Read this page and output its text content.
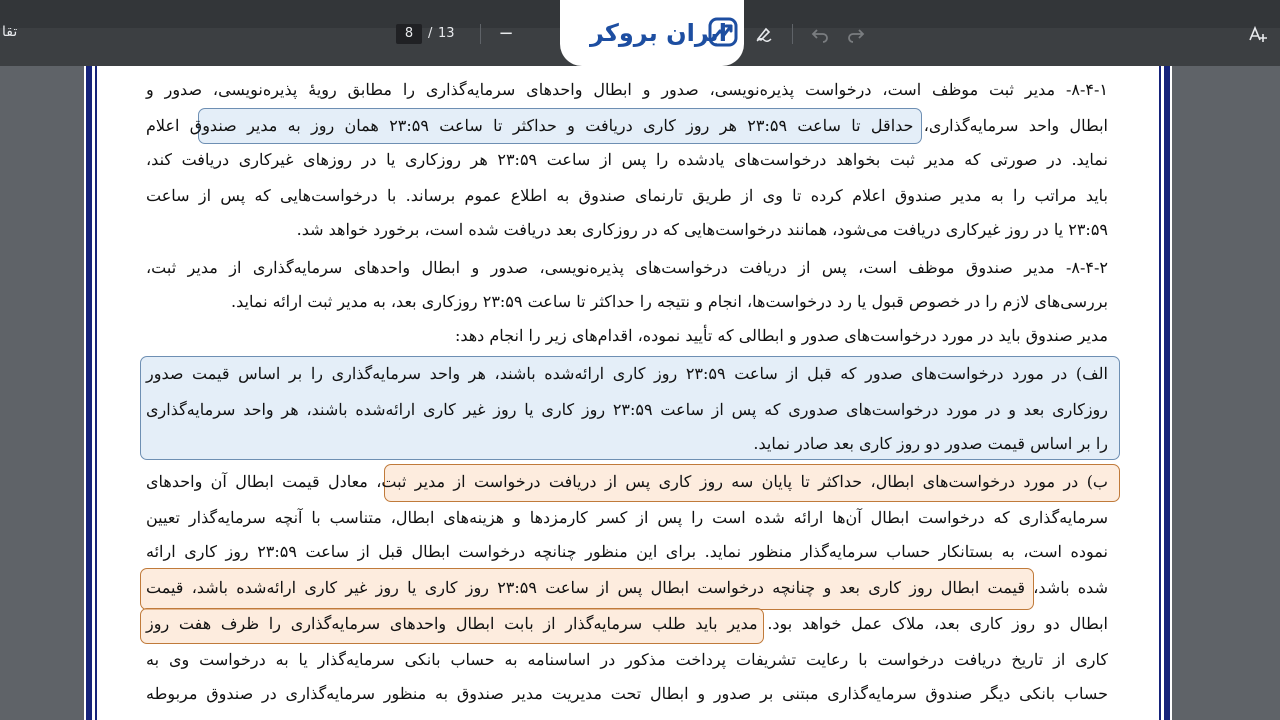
تقا	8	/ 13	−	ایران بروکر
۸-۴-۱- مدیر ثبت موظف است، درخواست پذیره‌نویسی، صدور و ابطال واحدهای سرمایه‌گذاری را مطابق رویهٔ پذیره‌نویسی، صدور و
ابطال واحد سرمایه‌گذاری، حداقل تا ساعت ۲۳:۵۹ هر روز کاری دریافت و حداکثر تا ساعت ۲۳:۵۹ همان روز به مدیر صندوق اعلام
نماید. در صورتی که مدیر ثبت بخواهد درخواست‌های یادشده را پس از ساعت ۲۳:۵۹ هر روزکاری یا در روزهای غیرکاری دریافت کند،
باید مراتب را به مدیر صندوق اعلام کرده تا وی از طریق تارنمای صندوق به اطلاع عموم برساند. با درخواست‌هایی که پس از ساعت
۲۳:۵۹ یا در روز غیرکاری دریافت می‌شود، همانند درخواست‌هایی که در روزکاری بعد دریافت شده است، برخورد خواهد شد.
۸-۴-۲- مدیر صندوق موظف است، پس از دریافت درخواست‌های پذیره‌نویسی، صدور و ابطال واحدهای سرمایه‌گذاری از مدیر ثبت،
بررسی‌های لازم را در خصوص قبول یا رد درخواست‌ها، انجام و نتیجه را حداکثر تا ساعت ۲۳:۵۹ روزکاری بعد، به مدیر ثبت ارائه نماید.
مدیر صندوق باید در مورد درخواست‌های صدور و ابطالی که تأیید نموده، اقدام‌های زیر را انجام دهد:
الف) در مورد درخواست‌های صدور که قبل از ساعت ۲۳:۵۹ روز کاری ارائه‌شده باشند، هر واحد سرمایه‌گذاری را بر اساس قیمت صدور
روزکاری بعد و در مورد درخواست‌های صدوری که پس از ساعت ۲۳:۵۹ روز کاری یا روز غیر کاری ارائه‌شده باشند، هر واحد سرمایه‌گذاری
را بر اساس قیمت صدور دو روز کاری بعد صادر نماید.
ب) در مورد درخواست‌های ابطال، حداکثر تا پایان سه روز کاری پس از دریافت درخواست از مدیر ثبت، معادل قیمت ابطال آن واحدهای
سرمایه‌گذاری که درخواست ابطال آن‌ها ارائه شده است را پس از کسر کارمزدها و هزینه‌های ابطال، متناسب با آنچه سرمایه‌گذار تعیین
نموده است، به بستانکار حساب سرمایه‌گذار منظور نماید. برای این منظور چنانچه درخواست ابطال قبل از ساعت ۲۳:۵۹ روز کاری ارائه
شده باشد، قیمت ابطال روز کاری بعد و چنانچه درخواست ابطال پس از ساعت ۲۳:۵۹ روز کاری یا روز غیر کاری ارائه‌شده باشد، قیمت
ابطال دو روز کاری بعد، ملاک عمل خواهد بود. مدیر باید طلب سرمایه‌گذار از بابت ابطال واحدهای سرمایه‌گذاری را ظرف هفت روز
کاری از تاریخ دریافت درخواست با رعایت تشریفات پرداخت مذکور در اساسنامه به حساب بانکی سرمایه‌گذار یا به درخواست وی به
حساب بانکی دیگر صندوق سرمایه‌گذاری مبتنی بر صدور و ابطال تحت مدیریت مدیر صندوق به منظور سرمایه‌گذاری در صندوق مربوطه
